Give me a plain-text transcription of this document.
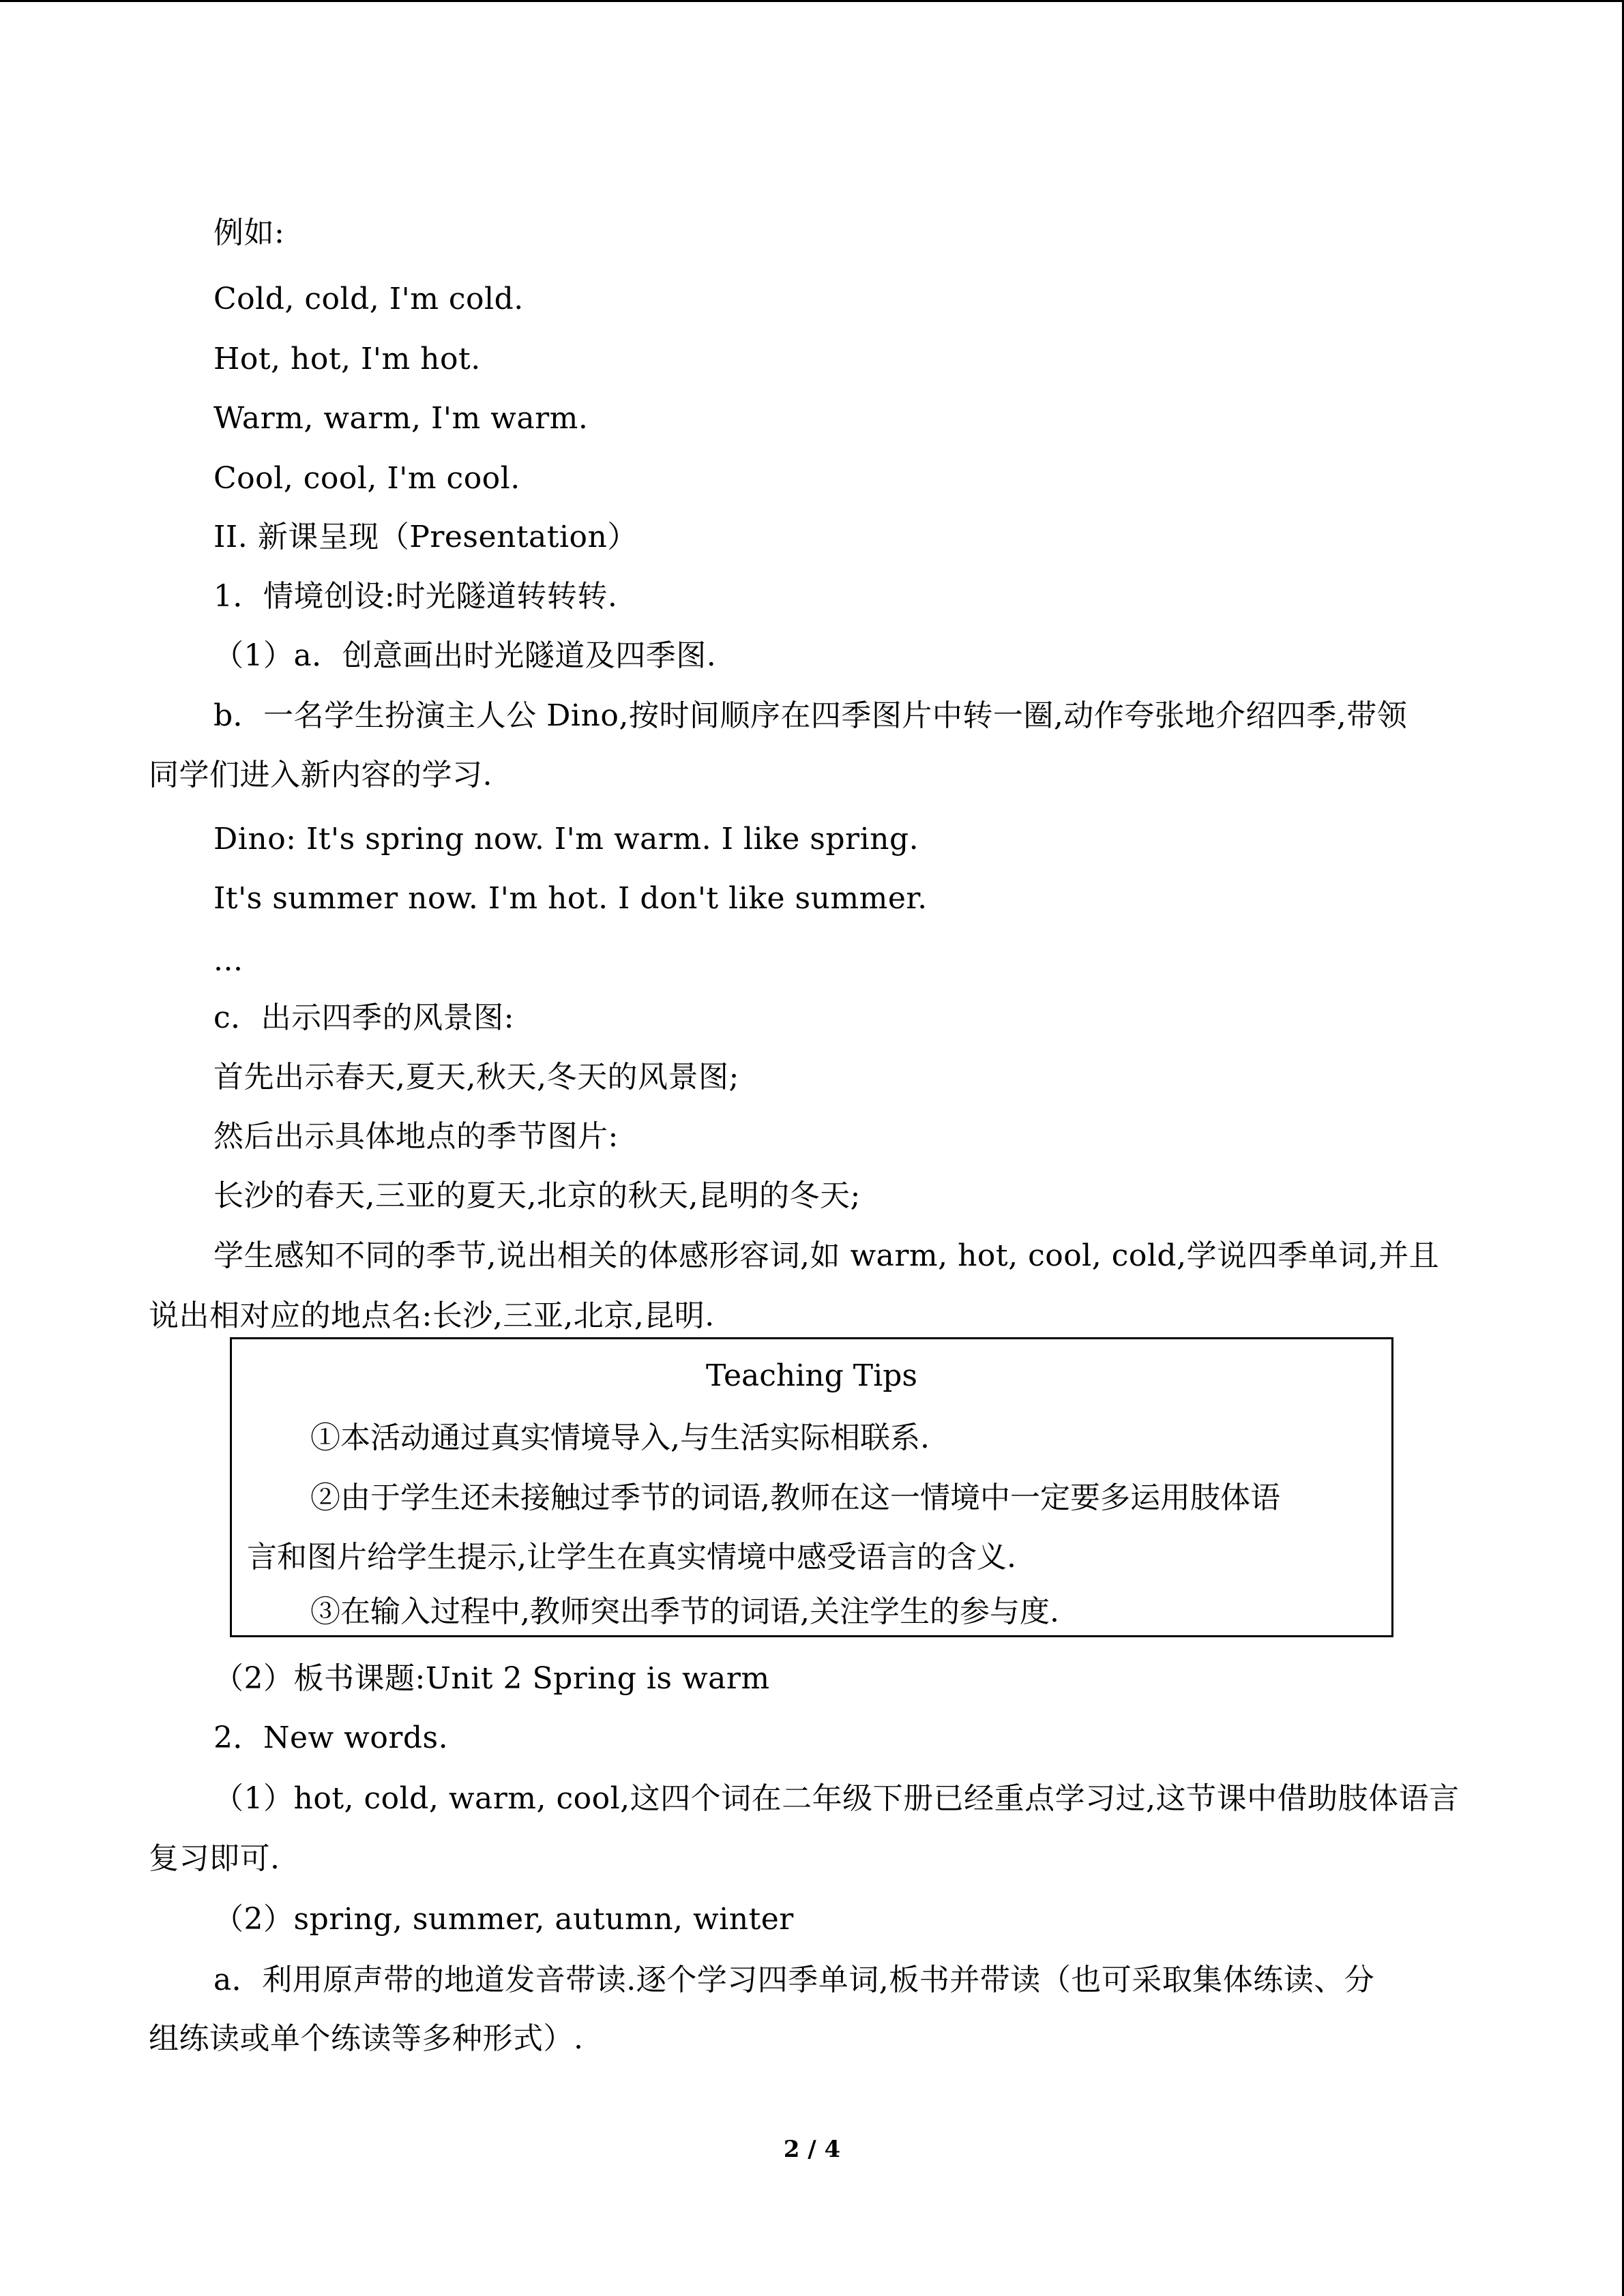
例如:
Cold, cold, I'm cold.
Hot, hot, I'm hot.
Warm, warm, I'm warm.
Cool, cool, I'm cool.
II. 新课呈现（Presentation）
1．情境创设:时光隧道转转转.
（1）a．创意画出时光隧道及四季图.
b．一名学生扮演主人公 Dino,按时间顺序在四季图片中转一圈,动作夸张地介绍四季,带领
同学们进入新内容的学习.
Dino: It's spring now. I'm warm. I like spring.
It's summer now. I'm hot. I don't like summer.
...
c．出示四季的风景图:
首先出示春天,夏天,秋天,冬天的风景图;
然后出示具体地点的季节图片:
长沙的春天,三亚的夏天,北京的秋天,昆明的冬天;
学生感知不同的季节,说出相关的体感形容词,如 warm, hot, cool, cold,学说四季单词,并且
说出相对应的地点名:长沙,三亚,北京,昆明.
Teaching Tips
①本活动通过真实情境导入,与生活实际相联系.
②由于学生还未接触过季节的词语,教师在这一情境中一定要多运用肢体语
言和图片给学生提示,让学生在真实情境中感受语言的含义.
③在输入过程中,教师突出季节的词语,关注学生的参与度.
（2）板书课题:Unit 2 Spring is warm
2．New words.
（1）hot, cold, warm, cool,这四个词在二年级下册已经重点学习过,这节课中借助肢体语言
复习即可.
（2）spring, summer, autumn, winter
a．利用原声带的地道发音带读.逐个学习四季单词,板书并带读（也可采取集体练读、分
组练读或单个练读等多种形式）.
2 / 4
